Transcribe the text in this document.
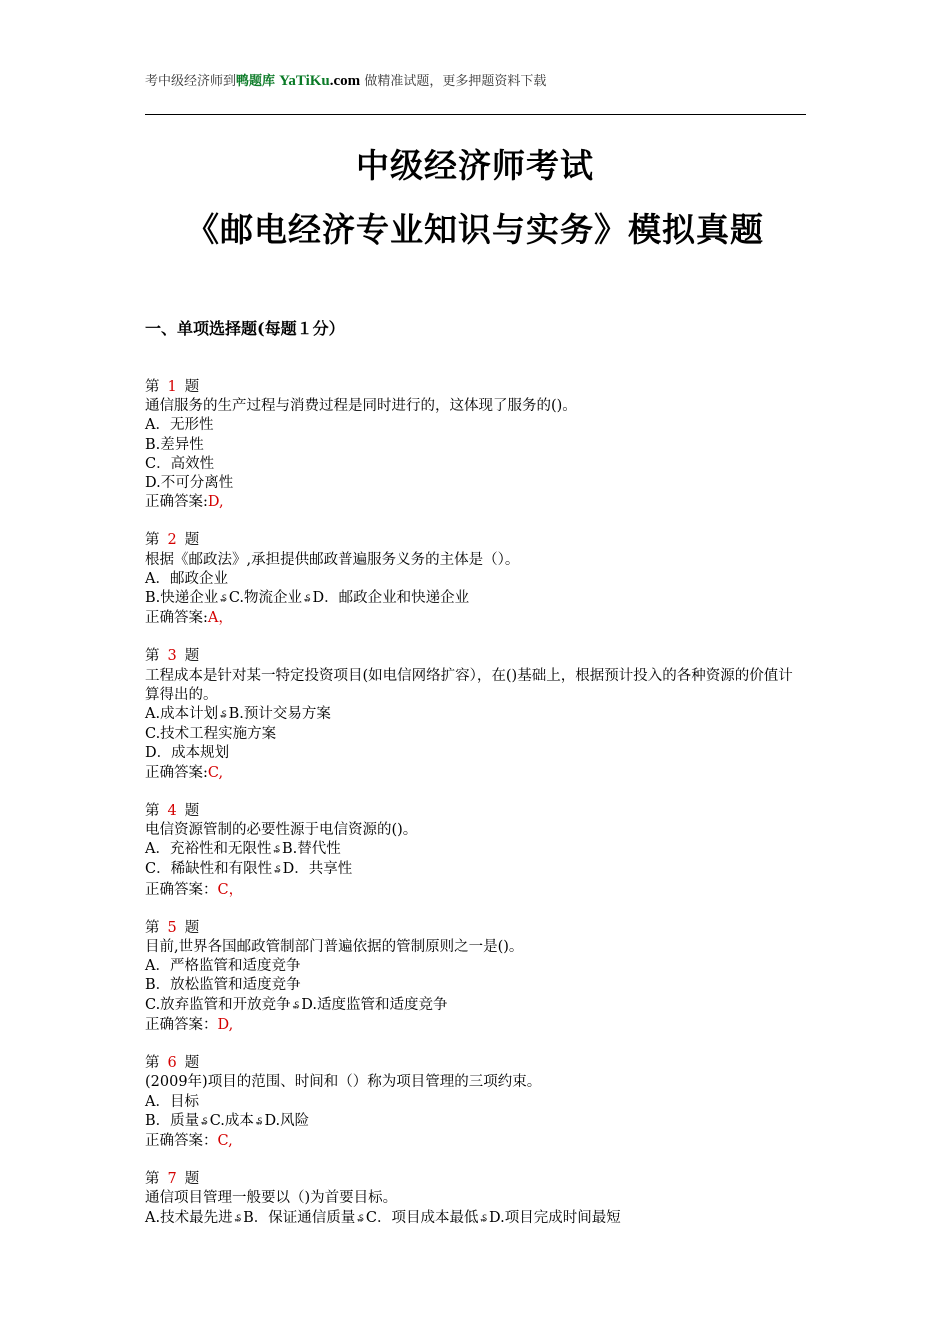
考中级经济师到鸭题库 YaTiKu.com 做精准试题，更多押题资料下载
中级经济师考试
《邮电经济专业知识与实务》模拟真题
一、单项选择题(每题１分）
第 1 题
通信服务的生产过程与消费过程是同时进行的，这体现了服务的()。
A．无形性
B.差异性
C．高效性
D.不可分离性
正确答案:D,
第 2 题
根据《邮政法》,承担提供邮政普遍服务义务的主体是（）。
A．邮政企业
B.快递企业 ₷ C.物流企业 ₷ D．邮政企业和快递企业
正确答案:A，
第 3 题
工程成本是针对某一特定投资项目(如电信网络扩容），在()基础上，根据预计投入的各种资源的价值计算得出的。
A.成本计划 ₷ B.预计交易方案
C.技术工程实施方案
D．成本规划
正确答案:C,
第 4 题
电信资源管制的必要性源于电信资源的()。
A．充裕性和无限性 ₷ B.替代性
C．稀缺性和有限性 ₷ D．共享性
正确答案：C，
第 5 题
目前,世界各国邮政管制部门普遍依据的管制原则之一是()。
A．严格监管和适度竞争
B．放松监管和适度竞争
C.放弃监管和开放竞争 ₷ D.适度监管和适度竞争
正确答案：D,
第 6 题
(2009年)项目的范围、时间和（）称为项目管理的三项约束。
A．目标
B．质量 ₷ C.成本 ₷ D.风险
正确答案：C,
第 7 题
通信项目管理一般要以（)为首要目标。
A.技术最先进 ₷ B．保证通信质量 ₷ C．项目成本最低 ₷ D.项目完成时间最短
